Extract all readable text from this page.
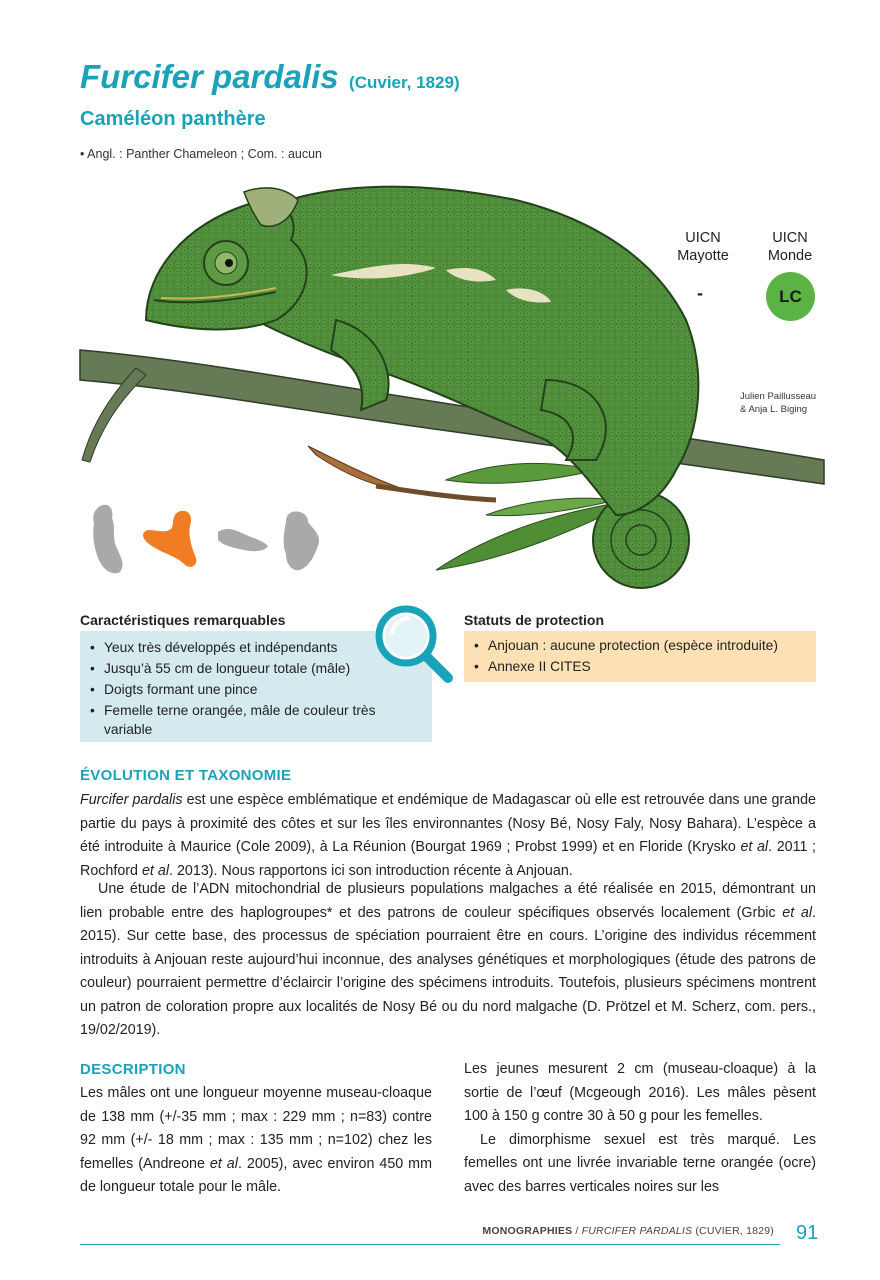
Furcifer pardalis (Cuvier, 1829)
Caméléon panthère
• Angl. : Panther Chameleon ; Com. : aucun
UICN
Mayotte
UICN
Monde
-	LC
Julien Paillusseau
& Anja L. Biging
Caractéristiques remarquables
• Yeux très développés et indépendants
• Jusqu’à 55 cm de longueur totale (mâle)
• Doigts formant une pince
• Femelle terne orangée, mâle de couleur très variable
Statuts de protection
• Anjouan : aucune protection (espèce introduite)
• Annexe II CITES
ÉVOLUTION ET TAXONOMIE

Furcifer pardalis est une espèce emblématique et endémique de Madagascar où elle est retrouvée dans une grande partie du pays à proximité des côtes et sur les îles environnantes (Nosy Bé, Nosy Faly, Nosy Bahara). L’espèce a été introduite à Maurice (Cole 2009), à La Réunion (Bourgat 1969 ; Probst 1999) et en Floride (Krysko et al. 2011 ; Rochford et al. 2013). Nous rapportons ici son introduction récente à Anjouan.

Une étude de l’ADN mitochondrial de plusieurs populations malgaches a été réalisée en 2015, démontrant un lien probable entre des haplogroupes* et des patrons de couleur spécifiques observés localement (Grbic et al. 2015). Sur cette base, des processus de spéciation pourraient être en cours. L’origine des individus récemment introduits à Anjouan reste aujourd’hui inconnue, des analyses génétiques et morphologiques (étude des patrons de couleur) pourraient permettre d’éclaircir l’origine des spécimens introduits. Toutefois, plusieurs spécimens montrent un patron de coloration propre aux localités de Nosy Bé ou du nord malgache (D. Prötzel et M. Scherz, com. pers., 19/02/2019).

DESCRIPTION

Les mâles ont une longueur moyenne museau-cloaque de 138 mm (+/-35 mm ; max : 229 mm ; n=83) contre 92 mm (+/- 18 mm ; max : 135 mm ; n=102) chez les femelles (Andreone et al. 2005), avec environ 450 mm de longueur totale pour le mâle.

Les jeunes mesurent 2 cm (museau-cloaque) à la sortie de l’œuf (Mcgeough 2016). Les mâles pèsent 100 à 150 g contre 30 à 50 g pour les femelles.
Le dimorphisme sexuel est très marqué. Les femelles ont une livrée invariable terne orangée (ocre) avec des barres verticales noires sur les
MONOGRAPHIES / FURCIFER PARDALIS (CUVIER, 1829) 91
